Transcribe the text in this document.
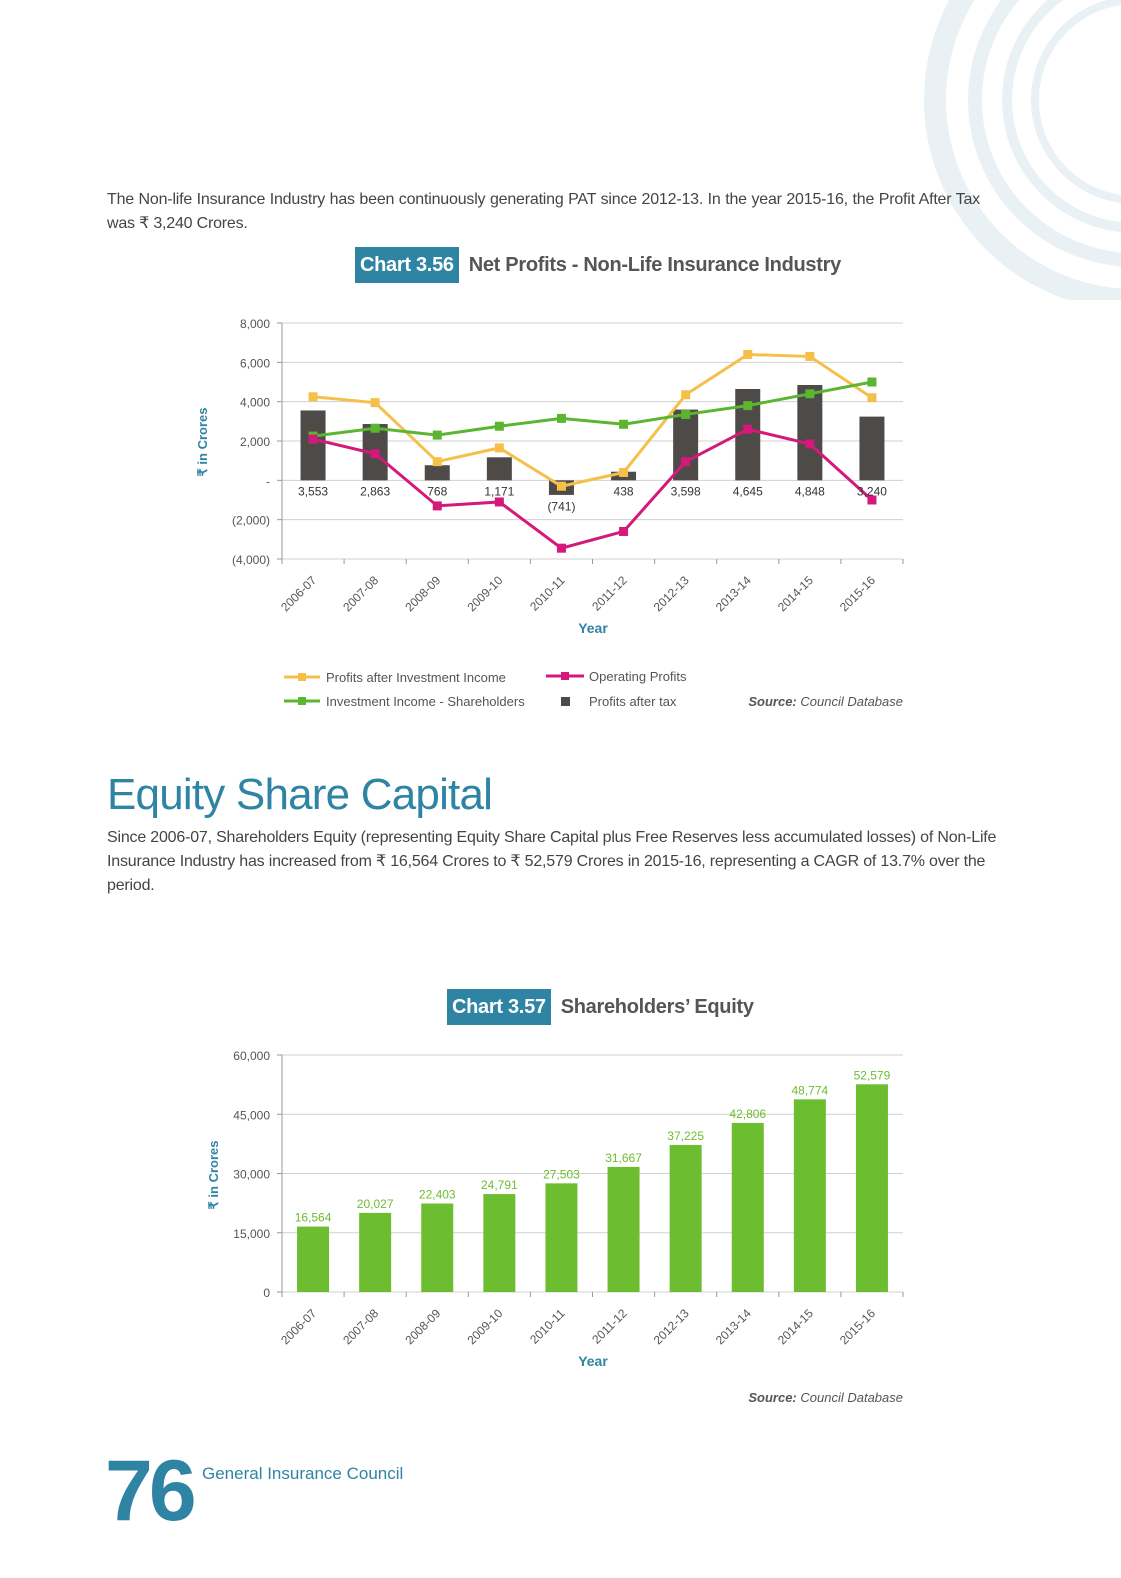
The Non-life Insurance Industry has been continuously generating PAT since 2012-13. In the year 2015-16, the Profit After Tax was ₹ 3,240 Crores.

Chart 3.56 Net Profits - Non-Life Insurance Industry
8,000
6,000
4,000
2,000
-
(2,000)
(4,000)
3,553	2,863	768	1,171
(741)
438	3,598	4,645	4,848	3,240
2006-07 2007-08 2008-09 2009-10 2010-11 2011-12 2012-13 2013-14 2014-15 2015-16
₹ in Crores
Year
Profits after Investment Income	Operating Profits
Investment Income - Shareholders	Profits after tax	Source: Council Database
Equity Share Capital

Since 2006-07, Shareholders Equity (representing Equity Share Capital plus Free Reserves less accumulated losses) of Non-Life Insurance Industry has increased from ₹ 16,564 Crores to ₹ 52,579 Crores in 2015-16, representing a CAGR of 13.7% over the period.

Chart 3.57 Shareholders’ Equity
60,000
45,000
30,000
15,000
0
16,564
20,027
22,403
24,791
27,503
31,667
37,225
42,806
48,774
52,579
2006-07 2007-08 2008-09 2009-10 2010-11 2011-12 2012-13 2013-14 2014-15 2015-16
₹ in Crores
Year
Source: Council Database
76 General Insurance Council
